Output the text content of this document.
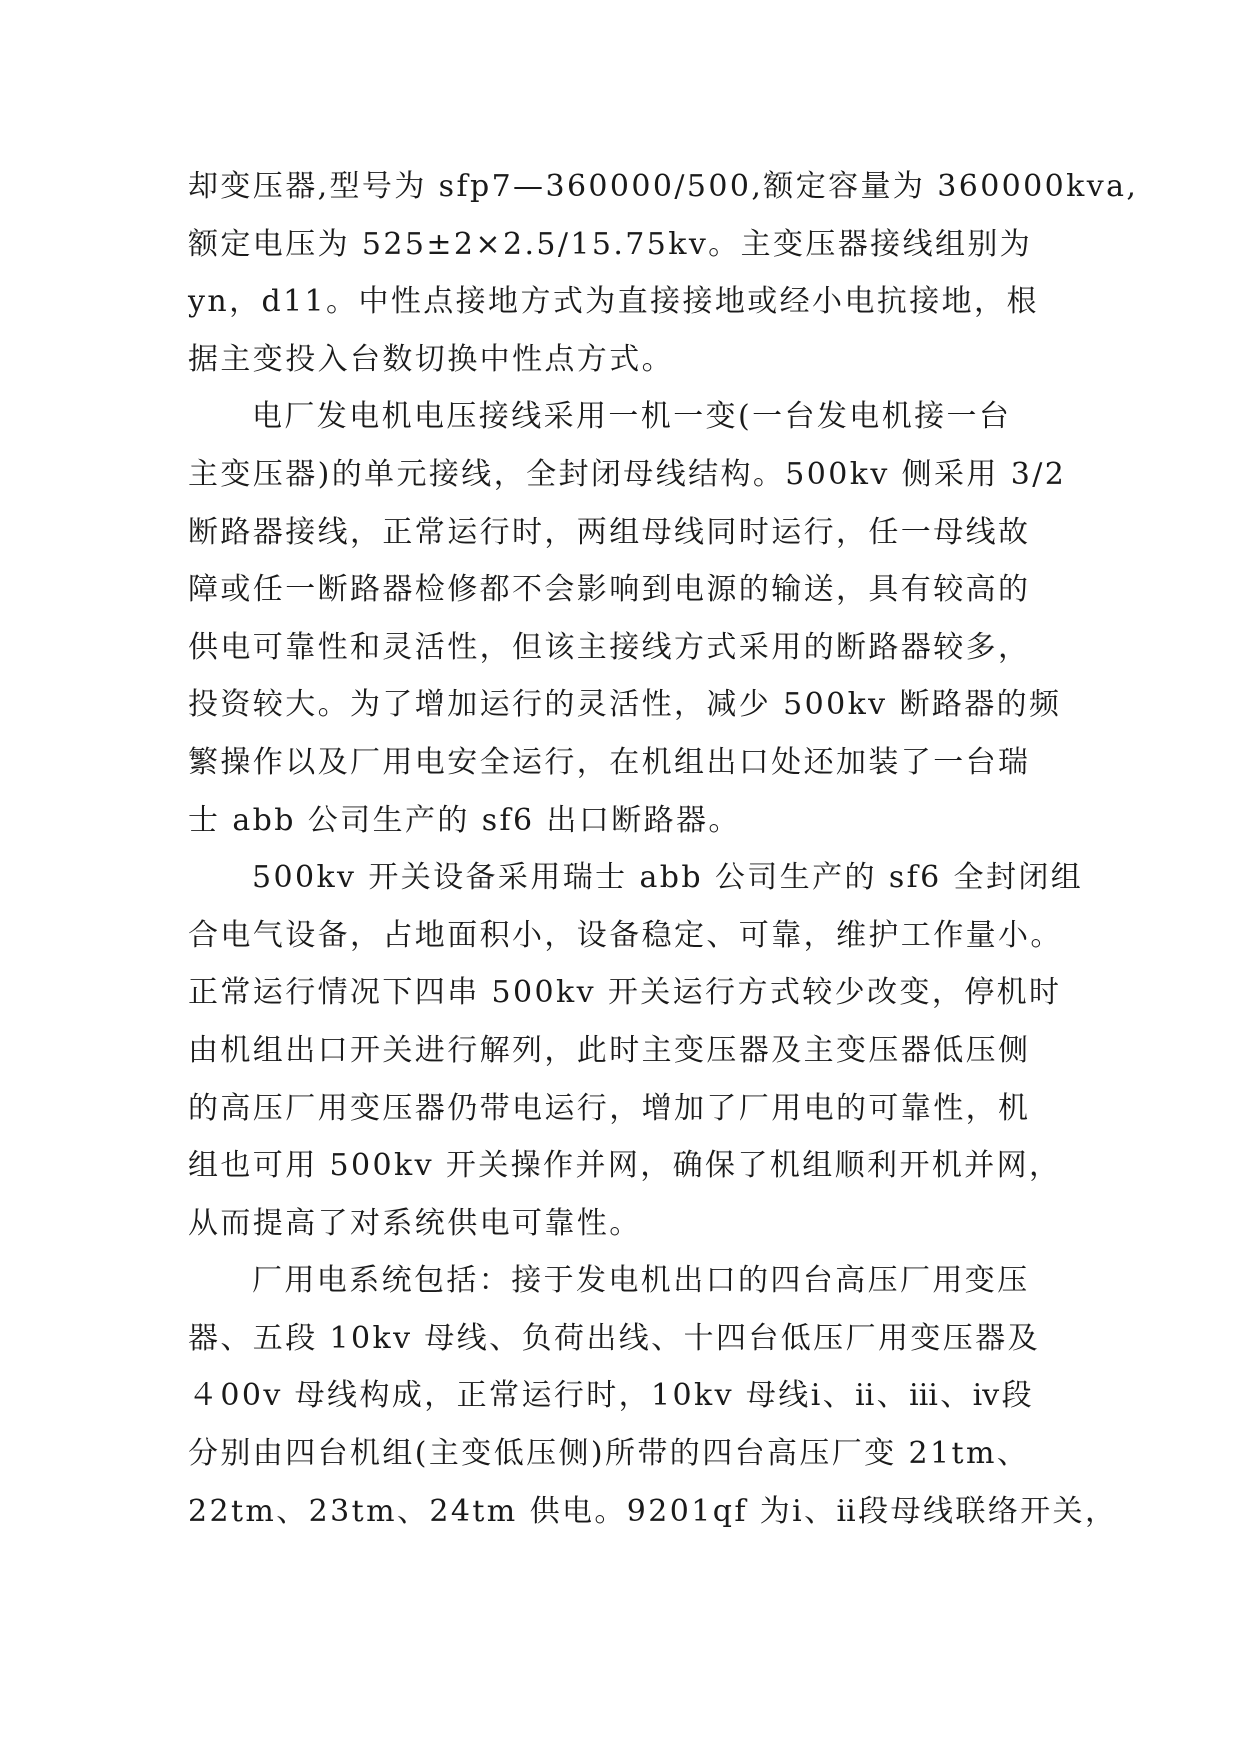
却变压器,型号为 sfp7—360000/500,额定容量为 360000kva,
额定电压为 525±2×2.5/15.75kv。主变压器接线组别为
yn，d11。中性点接地方式为直接接地或经小电抗接地，根
据主变投入台数切换中性点方式。
电厂发电机电压接线采用一机一变(一台发电机接一台
主变压器)的单元接线，全封闭母线结构。500kv 侧采用 3/2
断路器接线，正常运行时，两组母线同时运行，任一母线故
障或任一断路器检修都不会影响到电源的输送，具有较高的
供电可靠性和灵活性，但该主接线方式采用的断路器较多，
投资较大。为了增加运行的灵活性，减少 500kv 断路器的频
繁操作以及厂用电安全运行，在机组出口处还加装了一台瑞
士 abb 公司生产的 sf6 出口断路器。
500kv 开关设备采用瑞士 abb 公司生产的 sf6 全封闭组
合电气设备，占地面积小，设备稳定、可靠，维护工作量小。
正常运行情况下四串 500kv 开关运行方式较少改变，停机时
由机组出口开关进行解列，此时主变压器及主变压器低压侧
的高压厂用变压器仍带电运行，增加了厂用电的可靠性，机
组也可用 500kv 开关操作并网，确保了机组顺利开机并网，
从而提高了对系统供电可靠性。
厂用电系统包括：接于发电机出口的四台高压厂用变压
器、五段 10kv 母线、负荷出线、十四台低压厂用变压器及
４00v 母线构成，正常运行时，10kv 母线ⅰ、ⅱ、ⅲ、ⅳ段
分别由四台机组(主变低压侧)所带的四台高压厂变 21tm、
22tm、23tm、24tm 供电。9201qf 为ⅰ、ⅱ段母线联络开关，
